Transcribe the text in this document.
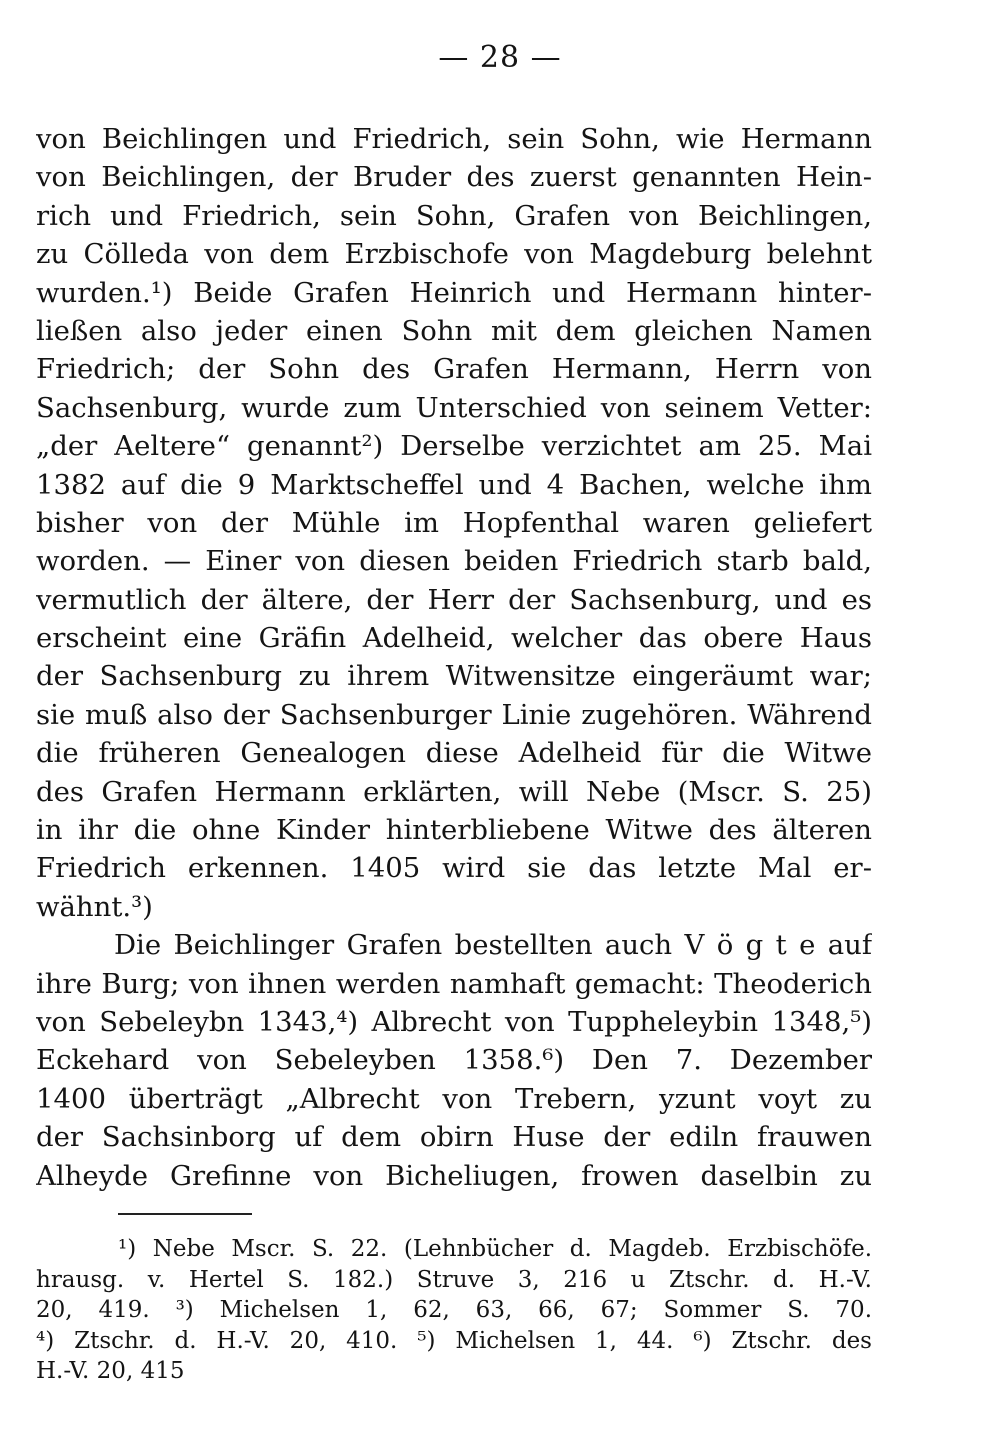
— 28 —
von Beichlingen und Friedrich, sein Sohn, wie Hermann
von Beichlingen, der Bruder des zuerst genannten Hein-
rich und Friedrich, sein Sohn, Grafen von Beichlingen,
zu Cölleda von dem Erzbischofe von Magdeburg belehnt
wurden.¹) Beide Grafen Heinrich und Hermann hinter-
ließen also jeder einen Sohn mit dem gleichen Namen
Friedrich; der Sohn des Grafen Hermann, Herrn von
Sachsenburg, wurde zum Unterschied von seinem Vetter:
„der Aeltere“ genannt²) Derselbe verzichtet am 25. Mai
1382 auf die 9 Marktscheffel und 4 Bachen, welche ihm
bisher von der Mühle im Hopfenthal waren geliefert
worden. — Einer von diesen beiden Friedrich starb bald,
vermutlich der ältere, der Herr der Sachsenburg, und es
erscheint eine Gräfin Adelheid, welcher das obere Haus
der Sachsenburg zu ihrem Witwensitze eingeräumt war;
sie muß also der Sachsenburger Linie zugehören. Während
die früheren Genealogen diese Adelheid für die Witwe
des Grafen Hermann erklärten, will Nebe (Mscr. S. 25)
in ihr die ohne Kinder hinterbliebene Witwe des älteren
Friedrich erkennen. 1405 wird sie das letzte Mal er-
wähnt.³)
Die Beichlinger Grafen bestellten auch V ö g t e auf
ihre Burg; von ihnen werden namhaft gemacht: Theoderich
von Sebeleybn 1343,⁴) Albrecht von Tuppheleybin 1348,⁵)
Eckehard von Sebeleyben 1358.⁶) Den 7. Dezember
1400 überträgt „Albrecht von Trebern, yzunt voyt zu
der Sachsinborg uf dem obirn Huse der ediln frauwen
Alheyde Grefinne von Bicheliugen, frowen daselbin zu
¹) Nebe Mscr. S. 22. (Lehnbücher d. Magdeb. Erzbischöfe.
hrausg. v. Hertel S. 182.) Struve 3, 216 u Ztschr. d. H.-V.
20, 419. ³) Michelsen 1, 62, 63, 66, 67; Sommer S. 70.
⁴) Ztschr. d. H.-V. 20, 410. ⁵) Michelsen 1, 44. ⁶) Ztschr. des
H.-V. 20, 415
